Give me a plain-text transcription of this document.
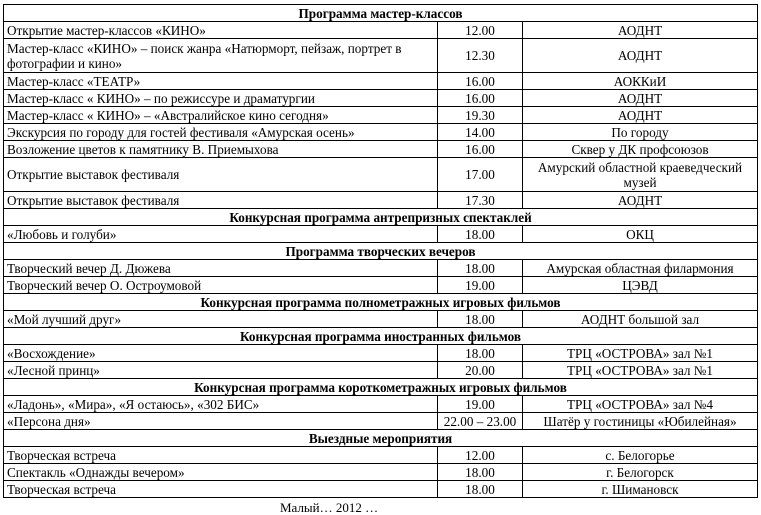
Программа мастер-классов		
Открытие мастер-классов «КИНО»	12.00	АОДНТ
Мастер-класс «КИНО» – поиск жанра «Натюрморт, пейзаж, портрет в фотографии и кино»	12.30	АОДНТ
Мастер-класс «ТЕАТР»	16.00	АОККиИ
Мастер-класс « КИНО» – по режиссуре и драматургии	16.00	АОДНТ
Мастер-класс « КИНО» – «Австралийское кино сегодня»	19.30	АОДНТ
Экскурсия по городу для гостей фестиваля «Амурская осень»	14.00	По городу
Возложение цветов к памятнику В. Приемыхова	16.00	Сквер у ДК профсоюзов
Открытие выставок фестиваля	17.00	Амурский областной краеведческий музей
Открытие выставок фестиваля	17.30	АОДНТ
Конкурсная программа антрепризных спектаклей		
«Любовь и голуби»	18.00	ОКЦ
Программа творческих вечеров		
Творческий вечер Д. Дюжева	18.00	Амурская областная филармония
Творческий вечер О. Остроумовой	19.00	ЦЭВД
Конкурсная программа полнометражных игровых фильмов		
«Мой лучший друг»	18.00	АОДНТ большой зал
Конкурсная программа иностранных фильмов		
«Восхождение»	18.00	ТРЦ «ОСТРОВА» зал №1
«Лесной принц»	20.00	ТРЦ «ОСТРОВА» зал №1
Конкурсная программа короткометражных игровых фильмов		
«Ладонь», «Мира», «Я остаюсь», «302 БИС»	19.00	ТРЦ «ОСТРОВА» зал №4
«Персона дня»	22.00 – 23.00	Шатёр у гостиницы «Юбилейная»
Выездные мероприятия		
Творческая встреча	12.00	с. Белогорье
Спектакль «Однажды вечером»	18.00	г. Белогорск
Творческая встреча	18.00	г. Шимановск
Малый… 2012 …
